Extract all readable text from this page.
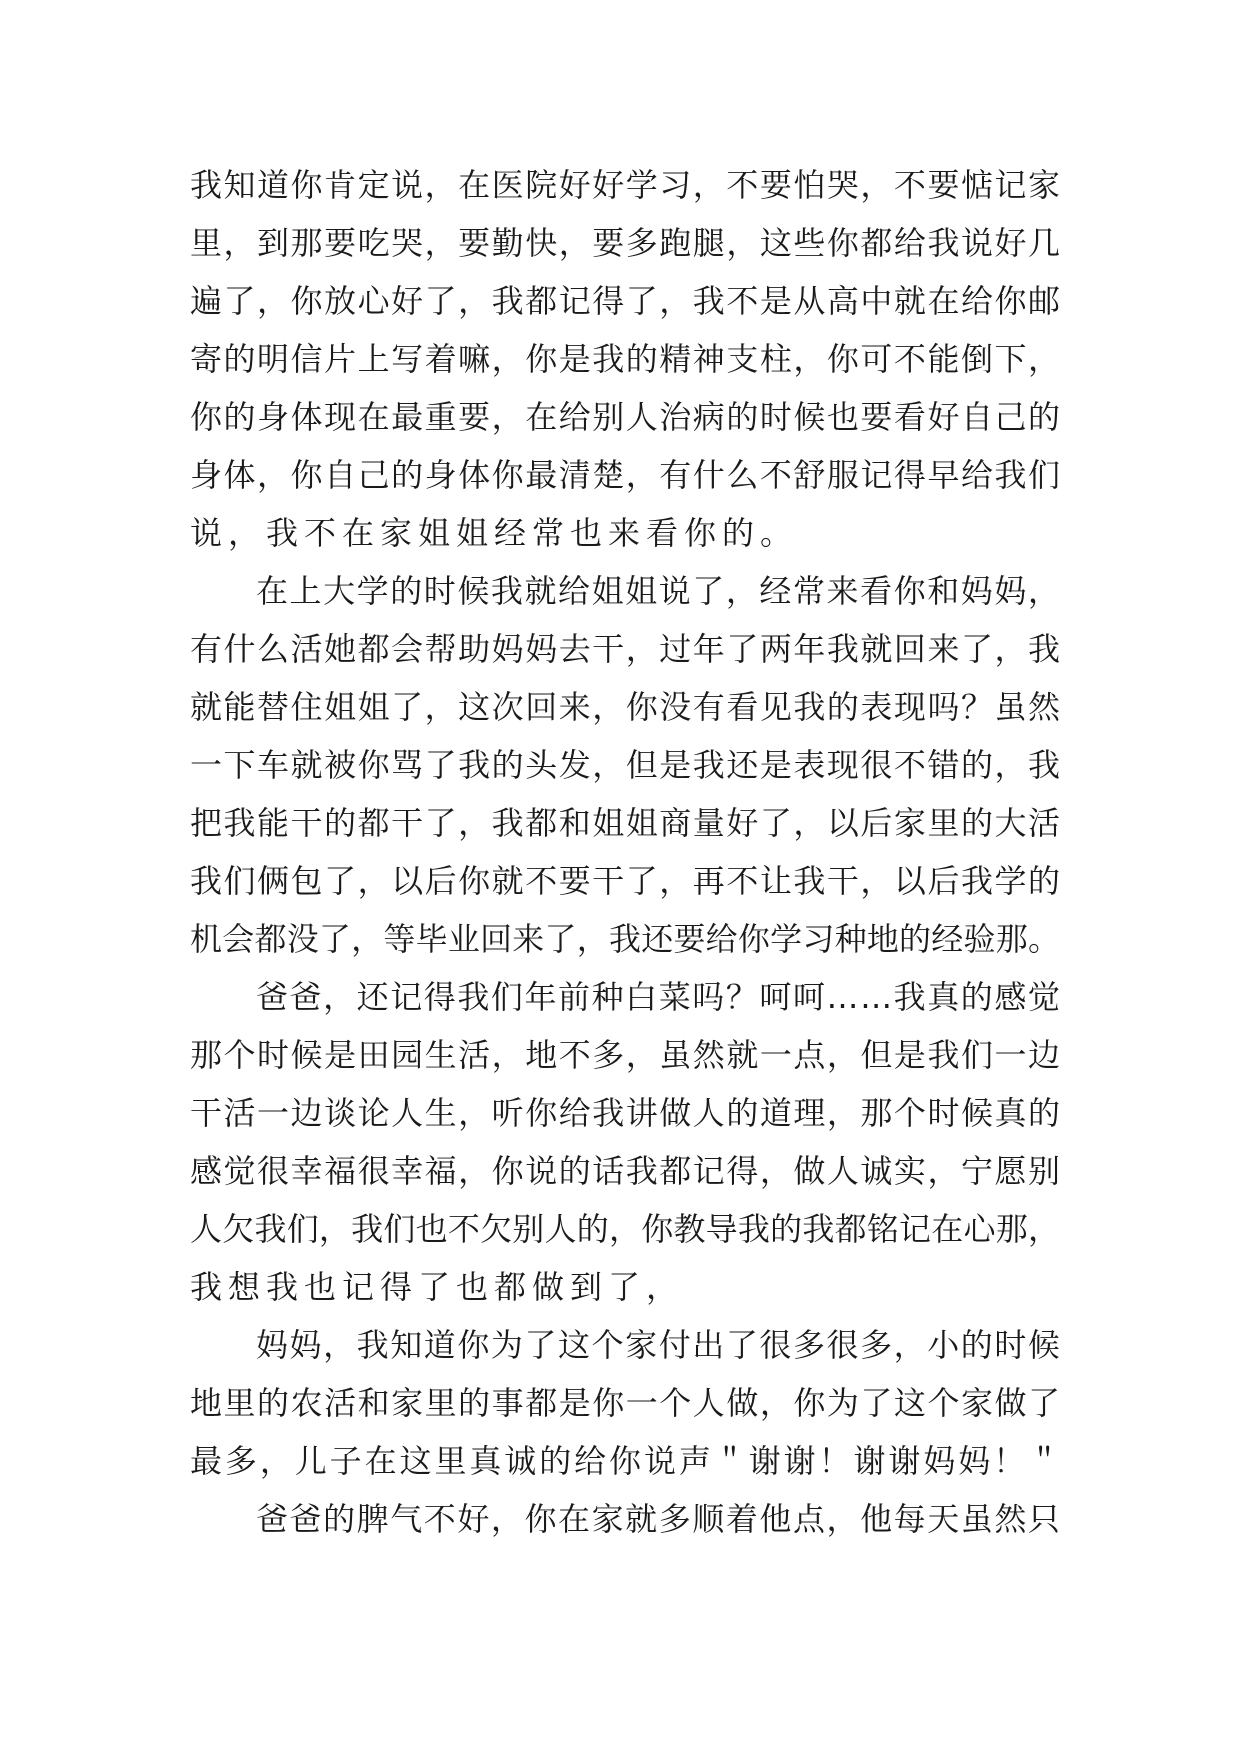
我知道你肯定说，在医院好好学习，不要怕哭，不要惦记家
里，到那要吃哭，要勤快，要多跑腿，这些你都给我说好几
遍了，你放心好了，我都记得了，我不是从高中就在给你邮
寄的明信片上写着嘛，你是我的精神支柱，你可不能倒下，
你的身体现在最重要，在给别人治病的时候也要看好自己的
身体，你自己的身体你最清楚，有什么不舒服记得早给我们
说，我不在家姐姐经常也来看你的。
在上大学的时候我就给姐姐说了，经常来看你和妈妈，
有什么活她都会帮助妈妈去干，过年了两年我就回来了，我
就能替住姐姐了，这次回来，你没有看见我的表现吗？虽然
一下车就被你骂了我的头发，但是我还是表现很不错的，我
把我能干的都干了，我都和姐姐商量好了，以后家里的大活
我们俩包了，以后你就不要干了，再不让我干，以后我学的
机会都没了，等毕业回来了，我还要给你学习种地的经验那。
爸爸，还记得我们年前种白菜吗？呵呵……我真的感觉
那个时候是田园生活，地不多，虽然就一点，但是我们一边
干活一边谈论人生，听你给我讲做人的道理，那个时候真的
感觉很幸福很幸福，你说的话我都记得，做人诚实，宁愿别
人欠我们，我们也不欠别人的，你教导我的我都铭记在心那，
我想我也记得了也都做到了，
妈妈，我知道你为了这个家付出了很多很多，小的时候
地里的农活和家里的事都是你一个人做，你为了这个家做了
最多，儿子在这里真诚的给你说声＂谢谢！谢谢妈妈！＂
爸爸的脾气不好，你在家就多顺着他点，他每天虽然只
